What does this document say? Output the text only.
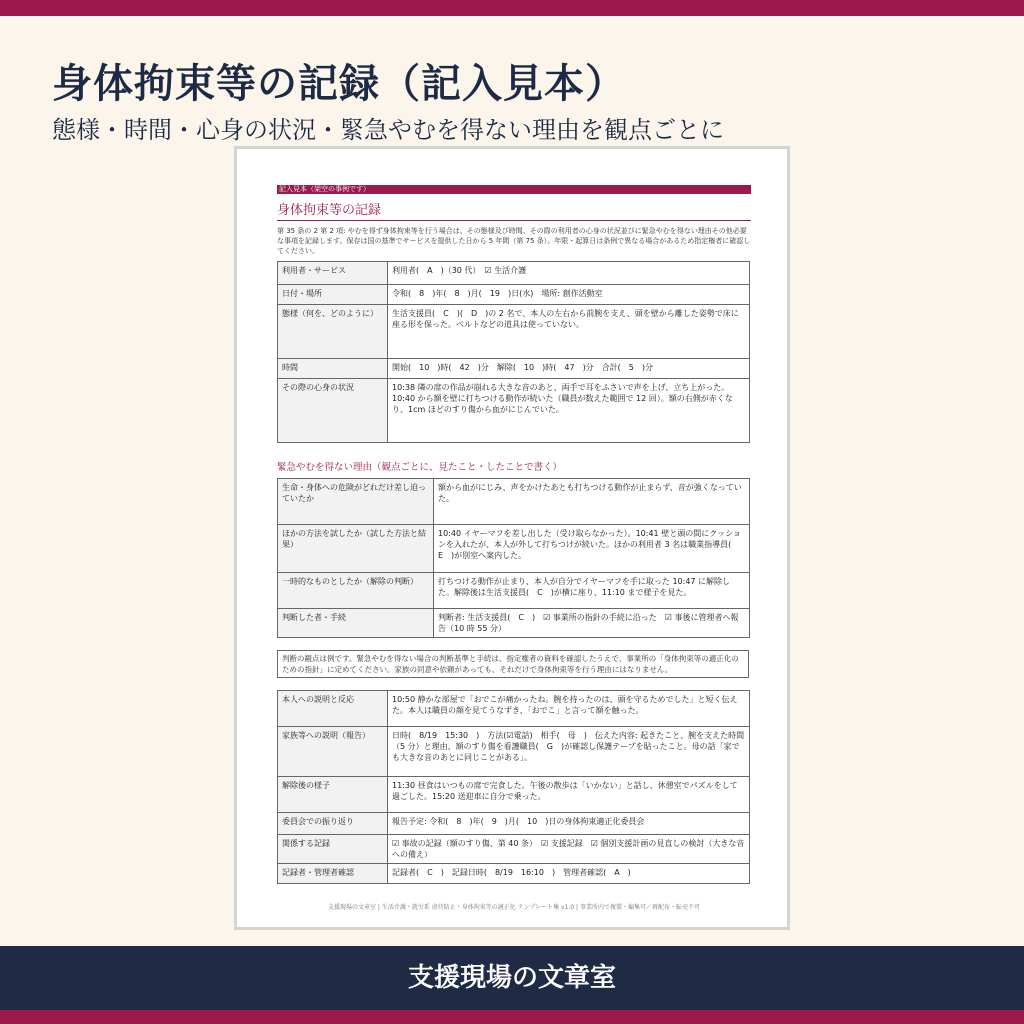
身体拘束等の記録（記入見本）
態様・時間・心身の状況・緊急やむを得ない理由を観点ごとに
記入見本（架空の事例です）
身体拘束等の記録
第 35 条の 2 第 2 項: やむを得ず身体拘束等を行う場合は、その態様及び時間、その際の利用者の心身の状況並びに緊急やむを得ない理由その他必要な事項を記録します。保存は国の基準でサービスを提供した日から 5 年間（第 75 条）。年限・起算日は条例で異なる場合があるため指定権者に確認してください。
利用者・サービス	利用者(　A　)（30 代）　☑ 生活介護
日付・場所	令和(　8　)年(　8　)月(　19　)日(水)　場所: 創作活動室
態様（何を、どのように）	生活支援員(　C　)(　D　)の 2 名で、本人の左右から前腕を支え、頭を壁から離した姿勢で床に座る形を保った。ベルトなどの道具は使っていない。
時間	開始(　10　)時(　42　)分　解除(　10　)時(　47　)分　合計(　5　)分
その際の心身の状況	10:38 隣の席の作品が崩れる大きな音のあと、両手で耳をふさいで声を上げ、立ち上がった。10:40 から額を壁に打ちつける動作が続いた（職員が数えた範囲で 12 回）。額の右側が赤くなり、1cm ほどのすり傷から血がにじんでいた。
緊急やむを得ない理由（観点ごとに、見たこと・したことで書く）
生命・身体への危険がどれだけ差し迫っていたか	額から血がにじみ、声をかけたあとも打ちつける動作が止まらず、音が強くなっていた。
ほかの方法を試したか（試した方法と結果）	10:40 イヤーマフを差し出した（受け取らなかった）。10:41 壁と頭の間にクッションを入れたが、本人が外して打ちつけが続いた。ほかの利用者 3 名は職業指導員(　E　)が別室へ案内した。
一時的なものとしたか（解除の判断）	打ちつける動作が止まり、本人が自分でイヤーマフを手に取った 10:47 に解除した。解除後は生活支援員(　C　)が横に座り、11:10 まで様子を見た。
判断した者・手続	判断者: 生活支援員(　C　)　☑ 事業所の指針の手続に沿った　☑ 事後に管理者へ報告（10 時 55 分）
判断の観点は例です。緊急やむを得ない場合の判断基準と手続は、指定権者の資料を確認したうえで、事業所の「身体拘束等の適正化のための指針」に定めてください。家族の同意や依頼があっても、それだけで身体拘束等を行う理由にはなりません。
本人への説明と反応	10:50 静かな部屋で「おでこが痛かったね。腕を持ったのは、頭を守るためでした」と短く伝えた。本人は職員の顔を見てうなずき、「おでこ」と言って額を触った。
家族等への説明（報告）	日時(　8/19　15:30　)　方法(☑電話)　相手(　母　)　伝えた内容: 起きたこと、腕を支えた時間（5 分）と理由、額のすり傷を看護職員(　G　)が確認し保護テープを貼ったこと。母の話「家でも大きな音のあとに同じことがある」。
解除後の様子	11:30 昼食はいつもの席で完食した。午後の散歩は「いかない」と話し、休憩室でパズルをして過ごした。15:20 送迎車に自分で乗った。
委員会での振り返り	報告予定: 令和(　8　)年(　9　)月(　10　)日の身体拘束適正化委員会
関係する記録	☑ 事故の記録（額のすり傷、第 40 条）　☑ 支援記録　☑ 個別支援計画の見直しの検討（大きな音への備え）
記録者・管理者確認	記録者(　C　)　記録日時(　8/19　16:10　)　管理者確認(　A　)
支援現場の文章室 | 生活介護・就労系 虐待防止・身体拘束等の適正化 テンプレート集 v1.0 | 事業所内で複製・編集可／再配布・転売不可
支援現場の文章室
